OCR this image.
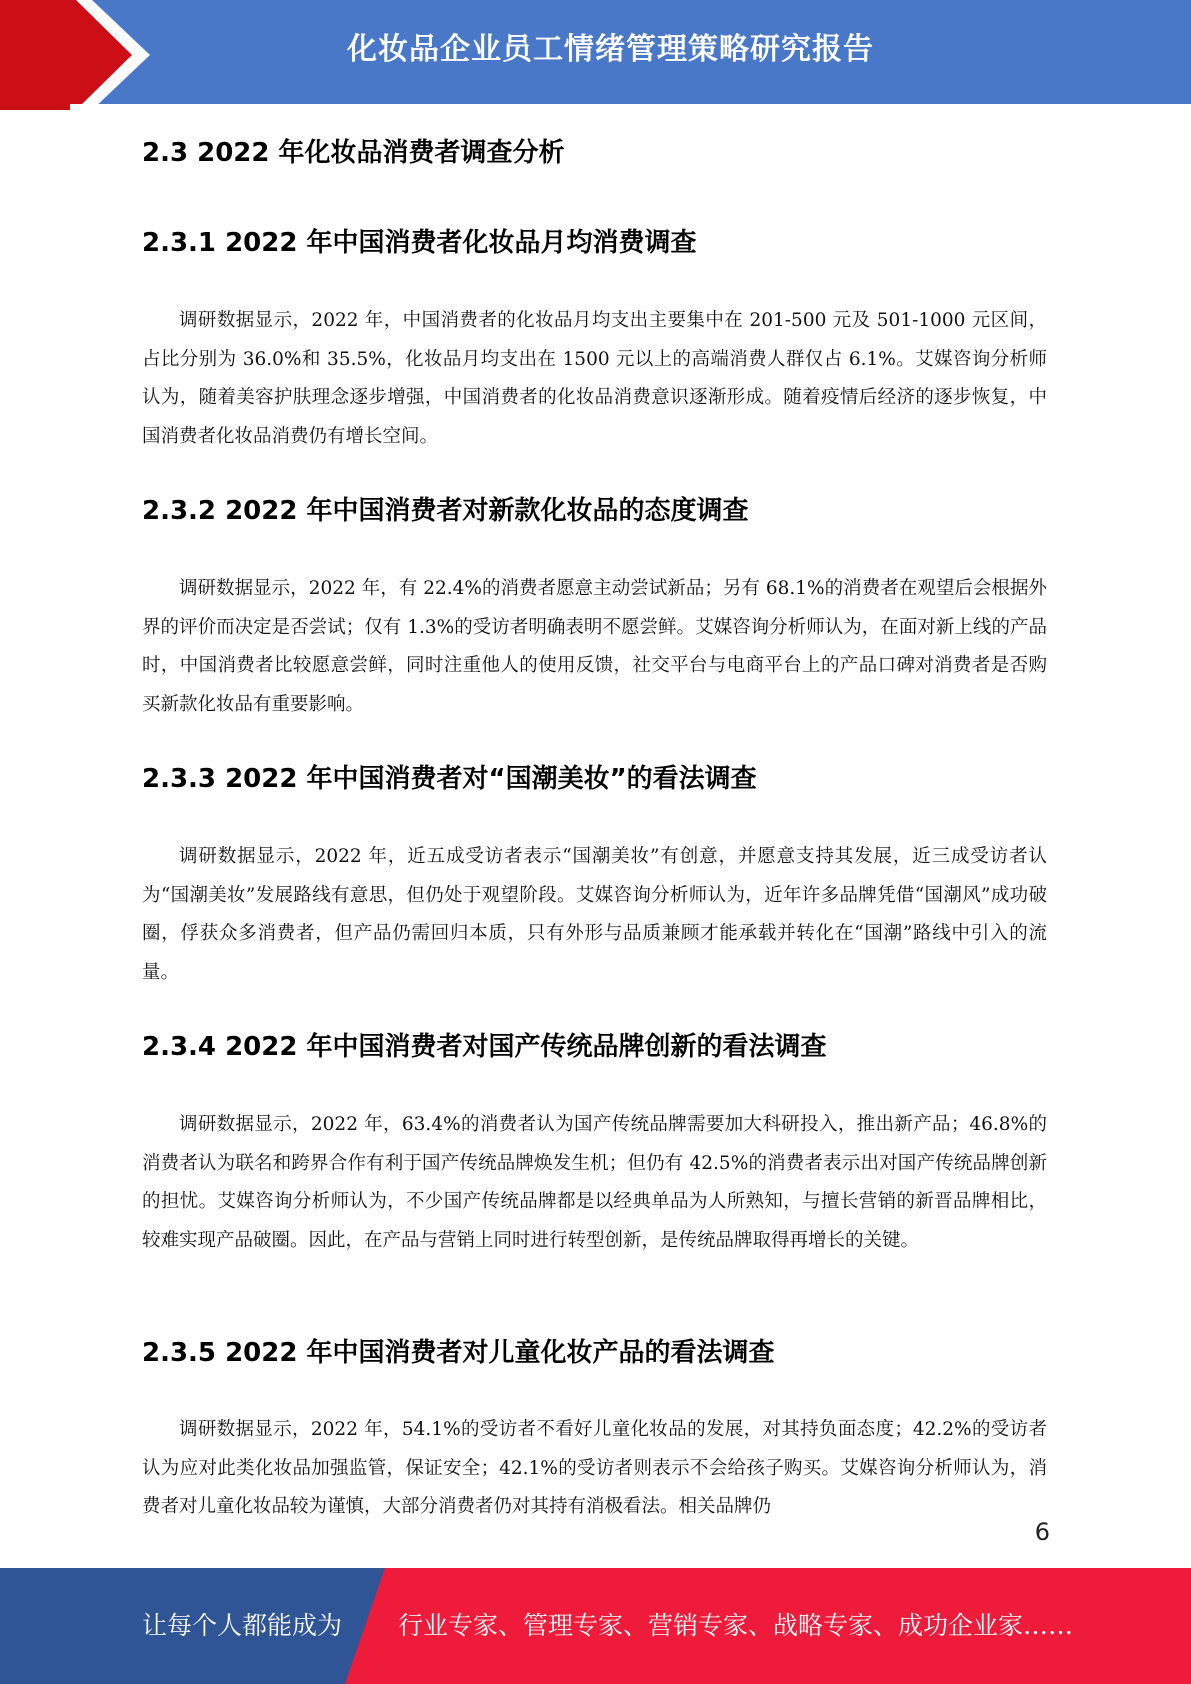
化妆品企业员工情绪管理策略研究报告
2.3 2022 年化妆品消费者调查分析
2.3.1 2022 年中国消费者化妆品月均消费调查

调研数据显示，2022 年，中国消费者的化妆品月均支出主要集中在 201-500 元及 501-1000 元区间，占比分别为 36.0%和 35.5%，化妆品月均支出在 1500 元以上的高端消费人群仅占 6.1%。艾媒咨询分析师认为，随着美容护肤理念逐步增强，中国消费者的化妆品消费意识逐渐形成。随着疫情后经济的逐步恢复，中国消费者化妆品消费仍有增长空间。

2.3.2 2022 年中国消费者对新款化妆品的态度调查

调研数据显示，2022 年，有 22.4%的消费者愿意主动尝试新品；另有 68.1%的消费者在观望后会根据外界的评价而决定是否尝试；仅有 1.3%的受访者明确表明不愿尝鲜。艾媒咨询分析师认为，在面对新上线的产品时，中国消费者比较愿意尝鲜，同时注重他人的使用反馈，社交平台与电商平台上的产品口碑对消费者是否购买新款化妆品有重要影响。

2.3.3 2022 年中国消费者对“国潮美妆”的看法调查

调研数据显示，2022 年，近五成受访者表示“国潮美妆”有创意，并愿意支持其发展，近三成受访者认为“国潮美妆”发展路线有意思，但仍处于观望阶段。艾媒咨询分析师认为，近年许多品牌凭借“国潮风”成功破圈，俘获众多消费者，但产品仍需回归本质，只有外形与品质兼顾才能承载并转化在“国潮”路线中引入的流量。

2.3.4 2022 年中国消费者对国产传统品牌创新的看法调查

调研数据显示，2022 年，63.4%的消费者认为国产传统品牌需要加大科研投入，推出新产品；46.8%的消费者认为联名和跨界合作有利于国产传统品牌焕发生机；但仍有 42.5%的消费者表示出对国产传统品牌创新的担忧。艾媒咨询分析师认为，不少国产传统品牌都是以经典单品为人所熟知，与擅长营销的新晋品牌相比，较难实现产品破圈。因此，在产品与营销上同时进行转型创新，是传统品牌取得再增长的关键。

2.3.5 2022 年中国消费者对儿童化妆产品的看法调查

调研数据显示，2022 年，54.1%的受访者不看好儿童化妆品的发展，对其持负面态度；42.2%的受访者认为应对此类化妆品加强监管，保证安全；42.1%的受访者则表示不会给孩子购买。艾媒咨询分析师认为，消费者对儿童化妆品较为谨慎，大部分消费者仍对其持有消极看法。相关品牌仍

6
让每个人都能成为 行业专家、管理专家、营销专家、战略专家、成功企业家……
